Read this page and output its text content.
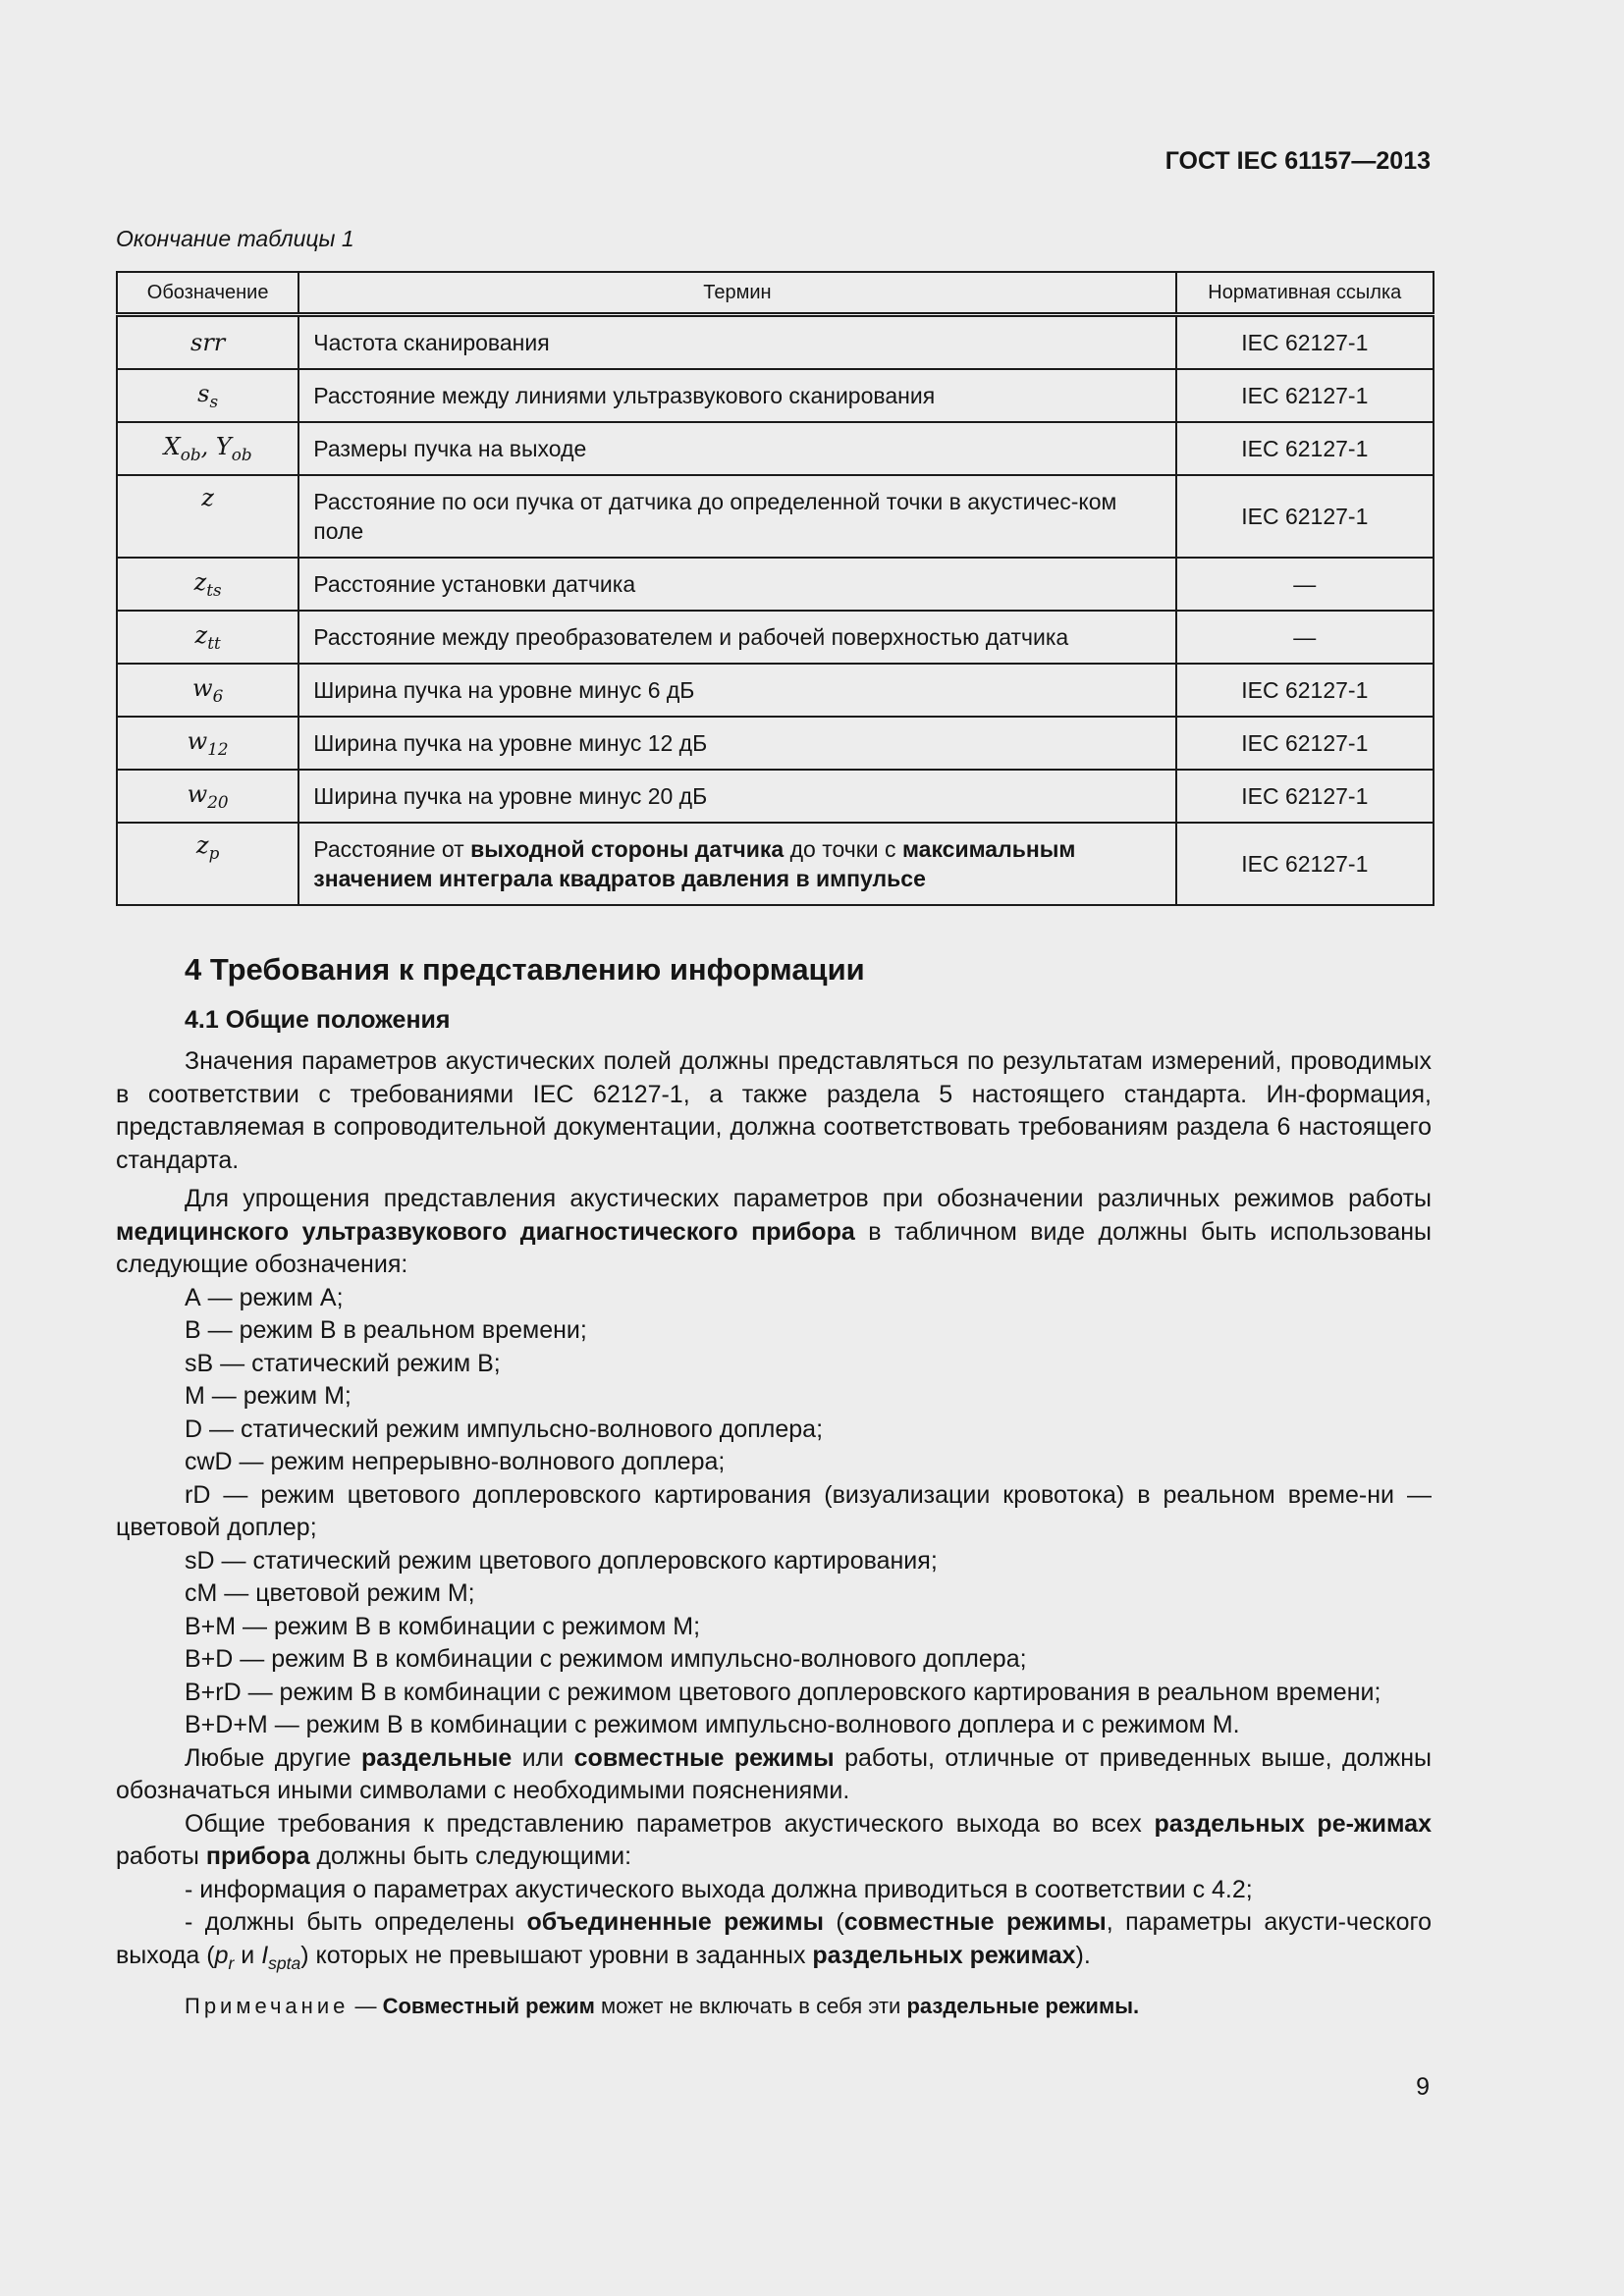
ГОСТ IEC 61157—2013
Окончание таблицы 1
Обозначение	Термин	Нормативная ссылка
srr	Частота сканирования	IEC 62127-1
$s_s$	Расстояние между линиями ультразвукового сканирования	IEC 62127-1
$X_{ob}$, $Y_{ob}$	Размеры пучка на выходе	IEC 62127-1
z	Расстояние по оси пучка от датчика до определенной точки в акустичес-ком поле	IEC 62127-1
$z_{ts}$	Расстояние установки датчика	—
$z_{tt}$	Расстояние между преобразователем и рабочей поверхностью датчика	—
$w_6$	Ширина пучка на уровне минус 6 дБ	IEC 62127-1
$w_{12}$	Ширина пучка на уровне минус 12 дБ	IEC 62127-1
$w_{20}$	Ширина пучка на уровне минус 20 дБ	IEC 62127-1
$z_p$	Расстояние от выходной стороны датчика до точки с максимальным значением интеграла квадратов давления в импульсе	IEC 62127-1
4 Требования к представлению информации
4.1 Общие положения

Значения параметров акустических полей должны представляться по результатам измерений, проводимых в соответствии с требованиями IEC 62127-1, а также раздела 5 настоящего стандарта. Ин-формация, представляемая в сопроводительной документации, должна соответствовать требованиям раздела 6 настоящего стандарта.

Для упрощения представления акустических параметров при обозначении различных режимов работы медицинского ультразвукового диагностического прибора в табличном виде должны быть использованы следующие обозначения:

А — режим А;

В — режим В в реальном времени;

sB — статический режим В;

М — режим М;

D — статический режим импульсно-волнового доплера;

cwD — режим непрерывно-волнового доплера;

rD — режим цветового доплеровского картирования (визуализации кровотока) в реальном време-ни — цветовой доплер;

sD — статический режим цветового доплеровского картирования;

cM — цветовой режим М;

B+M — режим В в комбинации с режимом М;

B+D — режим В в комбинации с режимом импульсно-волнового доплера;

B+rD — режим В в комбинации с режимом цветового доплеровского картирования в реальном времени;

B+D+M — режим В в комбинации с режимом импульсно-волнового доплера и с режимом М.

Любые другие раздельные или совместные режимы работы, отличные от приведенных выше, должны обозначаться иными символами с необходимыми пояснениями.

Общие требования к представлению параметров акустического выхода во всех раздельных ре-жимах работы прибора должны быть следующими:

- информация о параметрах акустического выхода должна приводиться в соответствии с 4.2;

- должны быть определены объединенные режимы (совместные режимы, параметры акусти-ческого выхода ($p_r$ и $I_{spta}$) которых не превышают уровни в заданных раздельных режимах).

Примечание — Совместный режим может не включать в себя эти раздельные режимы.

9
